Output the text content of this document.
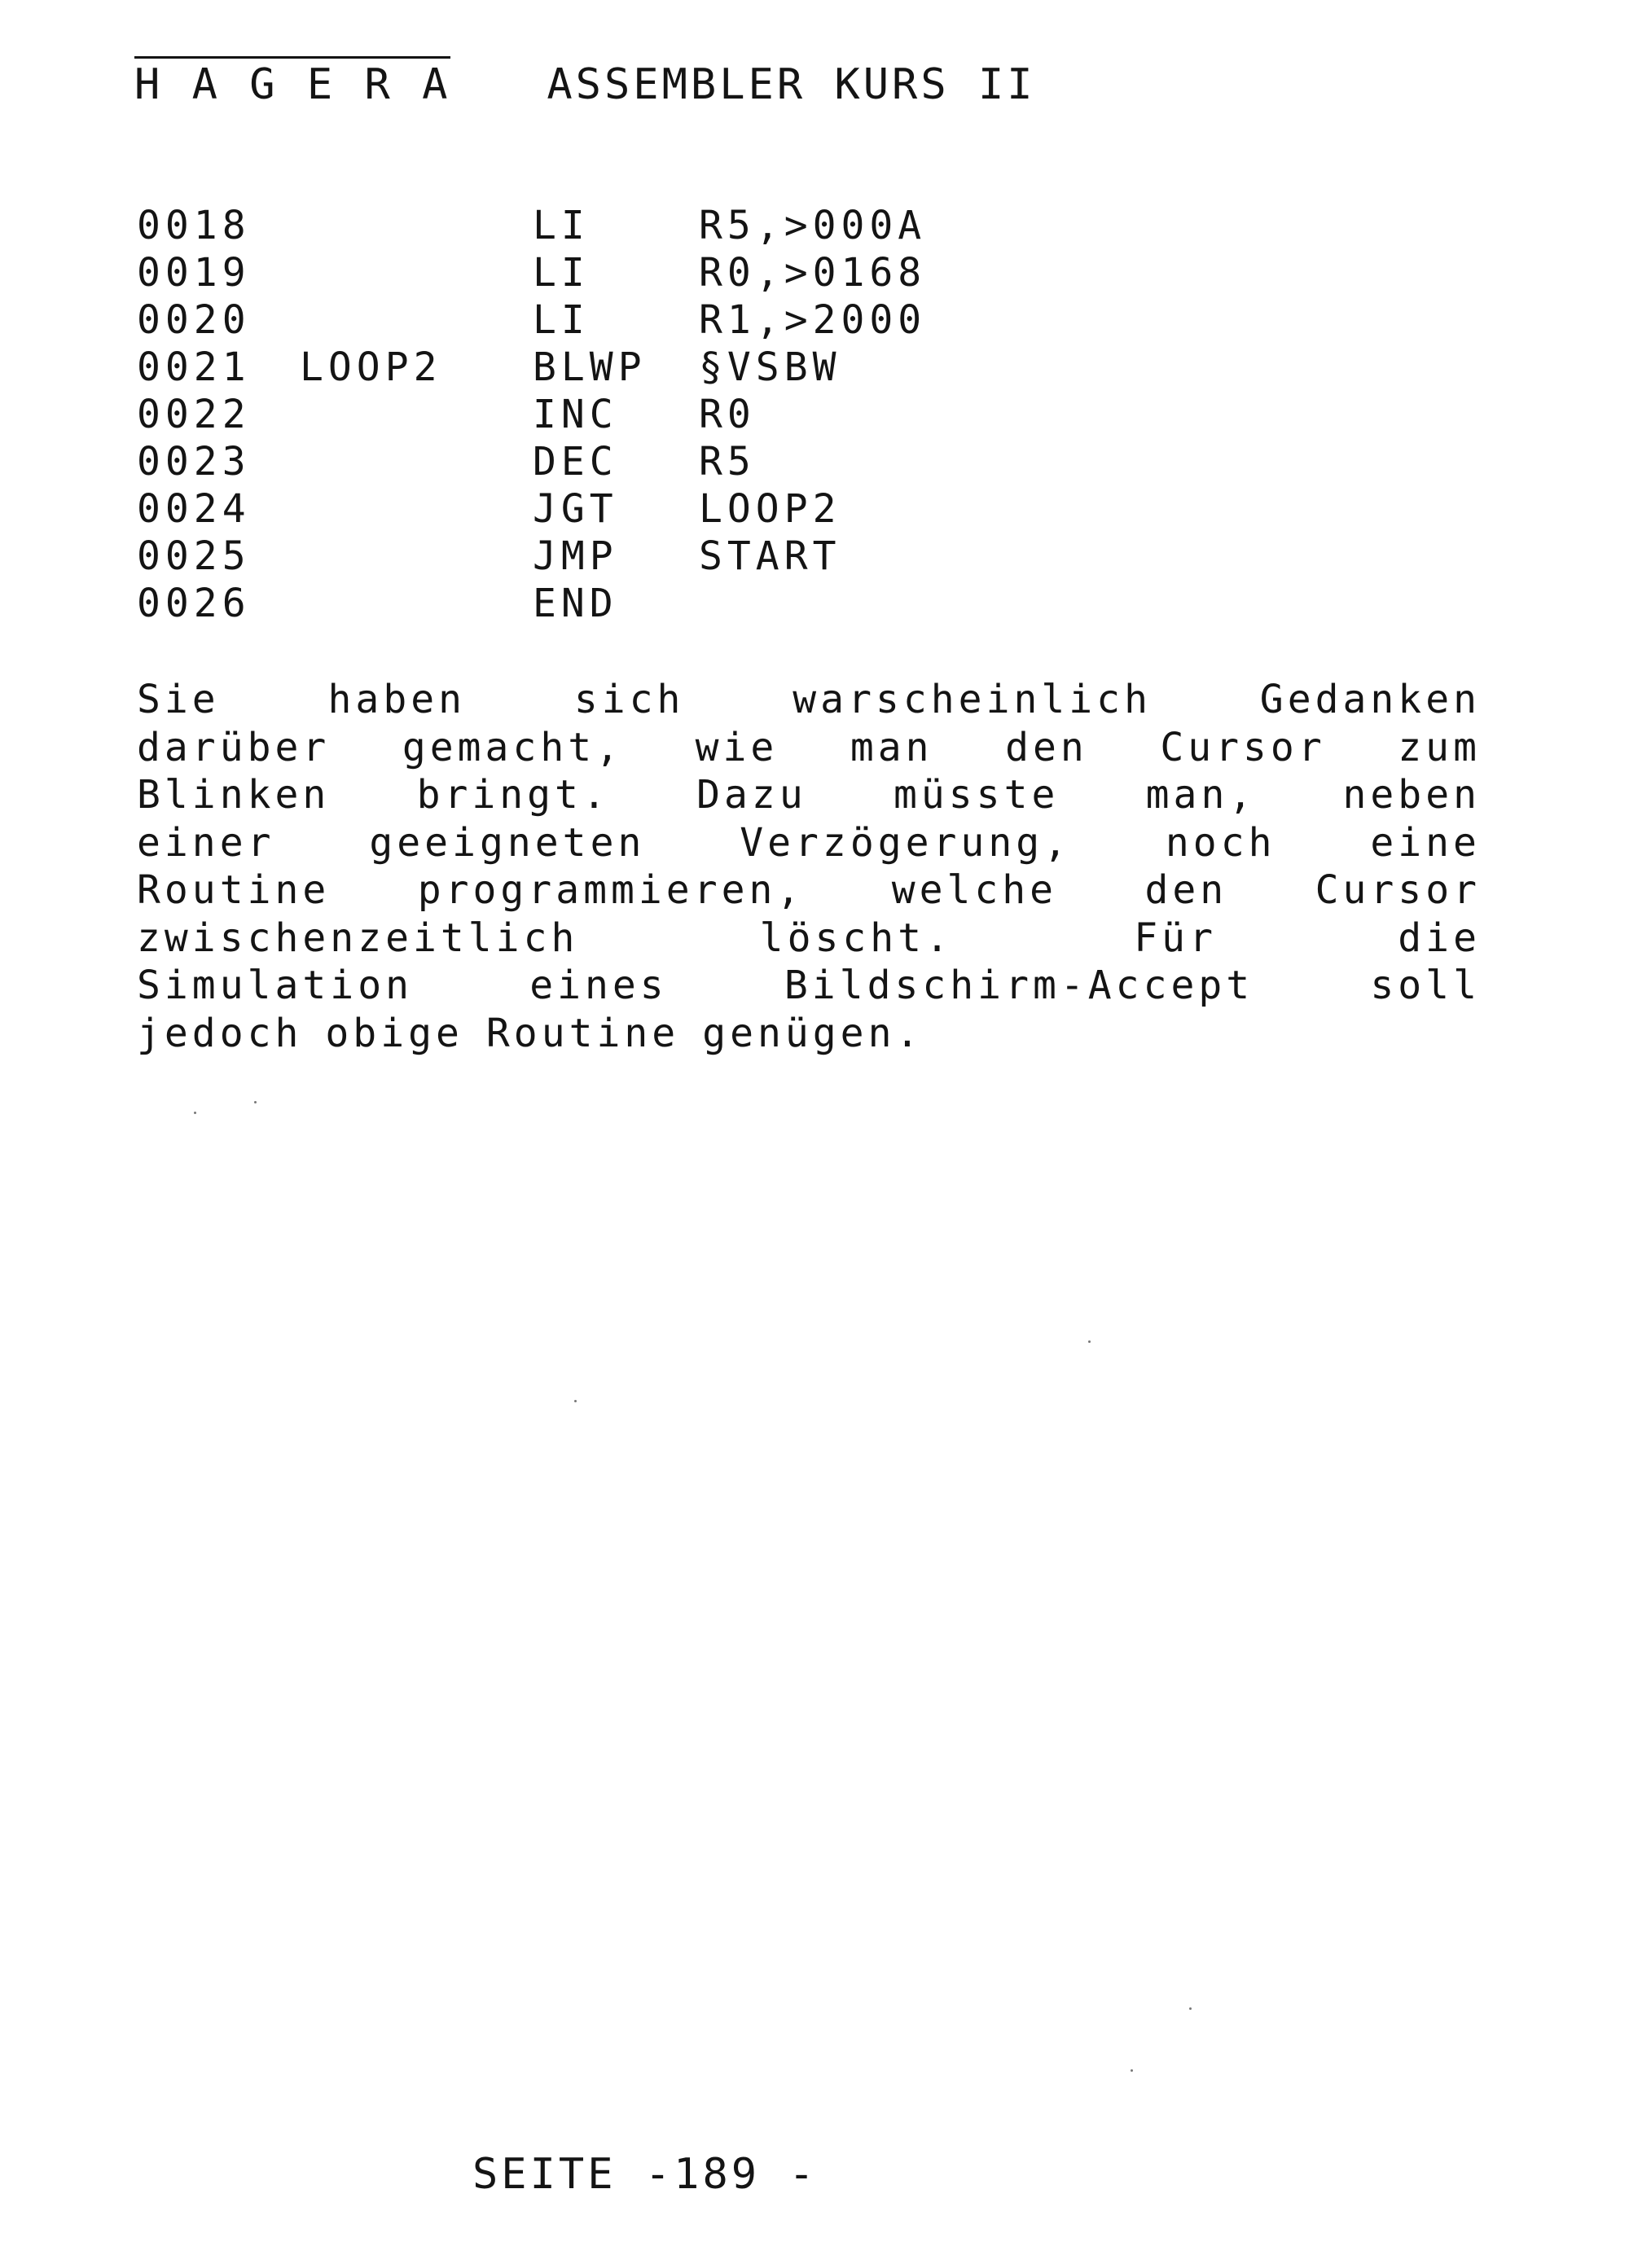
H A G E R A ASSEMBLER KURS II
0018	LI	R5,>000A
0019	LI	R0,>0168
0020	LI	R1,>2000
0021 LOOP2 BLWP §VSBW
0022	INC R0
0023	DEC R5
0024	JGT LOOP2
0025	JMP START
0026	END
Sie	haben	sich	warscheinlich	Gedanken
darüber gemacht, wie man den Cursor zum
Blinken bringt. Dazu müsste man, neben
einer geeigneten Verzögerung, noch eine
Routine programmieren, welche den Cursor
zwischenzeitlich	löscht.	Für	die
Simulation	eines	Bildschirm-Accept	soll
jedoch obige Routine genügen.
SEITE -189 -
